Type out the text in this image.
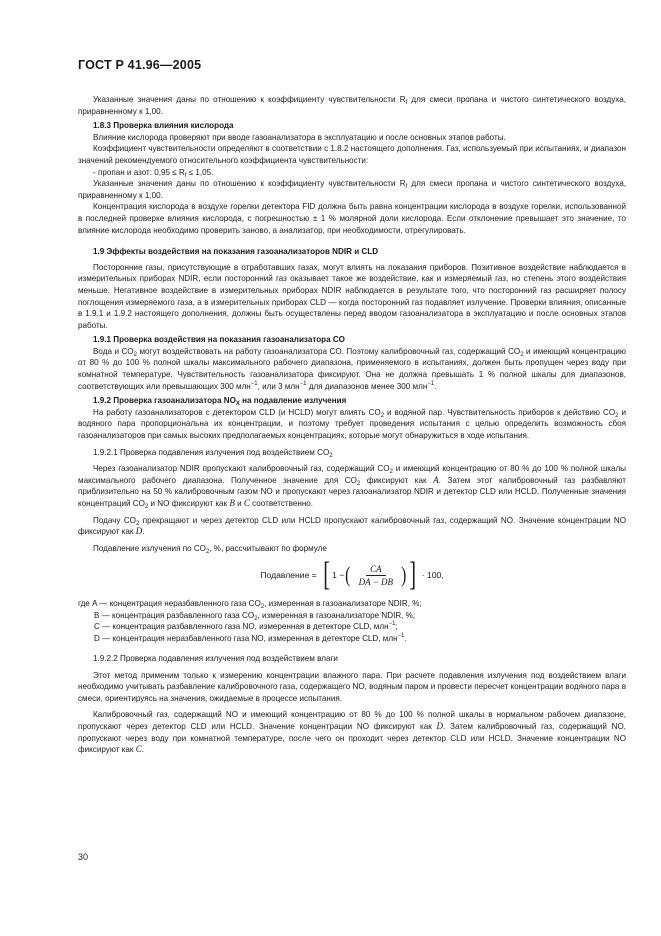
ГОСТ Р 41.96—2005

Указанные значения даны по отношению к коэффициенту чувствительности $R_f$ для смеси пропана и чистого синтетического воздуха, приравненному к 1,00.

1.8.3 Проверка влияния кислорода

Влияние кислорода проверяют при вводе газоанализатора в эксплуатацию и после основных этапов работы.

Коэффициент чувствительности определяют в соответствии с 1.8.2 настоящего дополнения. Газ, используемый при испытаниях, и диапазон значений рекомендуемого относительного коэффициента чувствительности:

- пропан и азот: $0,95 \le R_f \le 1,05$.

Указанные значения даны по отношению к коэффициенту чувствительности $R_f$ для смеси пропана и чистого синтетического воздуха, приравненному к 1,00.

Концентрация кислорода в воздухе горелки детектора FID должна быть равна концентрации кислорода в воздухе горелки, использованной в последней проверке влияния кислорода, с погрешностью ± 1 % молярной доли кислорода. Если отклонение превышает это значение, то влияние кислорода необходимо проверить заново, а анализатор, при необходимости, отрегулировать.

1.9 Эффекты воздействия на показания газоанализаторов NDIR и CLD

Посторонние газы, присутствующие в отработавших газах, могут влиять на показания приборов. Позитивное воздействие наблюдается в измерительных приборах NDIR, если посторонний газ оказывает такое же воздействие, как и измеряемый газ, но степень этого воздействия меньше. Негативное воздействие в измерительных приборах NDIR наблюдается в результате того, что посторонний газ расширяет полосу поглощения измеряемого газа, а в измерительных приборах CLD — когда посторонний газ подавляет излучение. Проверки влияния, описанные в 1.9.1 и 1.9.2 настоящего дополнения, должны быть осуществлены перед вводом газоанализатора в эксплуатацию и после основных этапов работы.

1.9.1 Проверка воздействия на показания газоанализатора CO

Вода и $CO_2$ могут воздействовать на работу газоанализатора CO. Поэтому калибровочный газ, содержащий $CO_2$ и имеющий концентрацию от 80 % до 100 % полной шкалы максимального рабочего диапазона, применяемого в испытаниях, должен быть пропущен через воду при комнатной температуре. Чувствительность газоанализатора фиксируют. Она не должна превышать 1 % полной шкалы для диапазонов, соответствующих или превышающих 300 млн$^{-1}$, или 3 млн$^{-1}$ для диапазонов менее 300 млн$^{-1}$.

1.9.2 Проверка газоанализатора $NO_X$ на подавление излучения

На работу газоанализаторов с детектором CLD (и HCLD) могут влиять $CO_2$ и водяной пар. Чувствительность приборов к действию $CO_2$ и водяного пара пропорциональна их концентрации, и поэтому требует проведения испытания с целью определить возможность сбоя газоанализаторов при самых высоких предполагаемых концентрациях, которые могут обнаружиться в ходе испытания.

1.9.2.1 Проверка подавления излучения под воздействием $CO_2$

Через газоанализатор NDIR пропускают калибровочный газ, содержащий $CO_2$ и имеющий концентрацию от 80 % до 100 % полной шкалы максимального рабочего диапазона. Полученное значение для $CO_2$ фиксируют как A. Затем этот калибровочный газ разбавляют приблизительно на 50 % калибровочным газом NO и пропускают через газоанализатор NDIR и детектор CLD или HCLD. Полученные значения концентраций $CO_2$ и NO фиксируют как B и C соответственно.

Подачу $CO_2$ прекращают и через детектор CLD или HCLD пропускают калибровочный газ, содержащий NO. Значение концентрации NO фиксируют как D.

Подавление излучения по $CO_2$, %, рассчитывают по формуле

Подавление = [ 1 − ( $\frac{CA}{DA - DB}$ ) ] · 100,
где A — концентрация неразбавленного газа $CO_2$, измеренная в газоанализаторе NDIR, %;
B — концентрация разбавленного газа $CO_2$, измеренная в газоанализаторе NDIR, %;
C — концентрация разбавленного газа NO, измеренная в детекторе CLD, млн$^{-1}$;
D — концентрация неразбавленного газа NO, измеренная в детекторе CLD, млн$^{-1}$.

1.9.2.2 Проверка подавления излучения под воздействием влаги

Этот метод применим только к измерению концентрации влажного пара. При расчете подавления излучения под воздействием влаги необходимо учитывать разбавление калибровочного газа, содержащего NO, водяным паром и провести пересчет концентрации водяного пара в смеси, ориентируясь на значения, ожидаемые в процессе испытания.

Калибровочный газ, содержащий NO и имеющий концентрацию от 80 % до 100 % полной шкалы в нормальном рабочем диапазоне, пропускают через детектор CLD или HCLD. Значение концентрации NO фиксируют как D. Затем калибровочный газ, содержащий NO, пропускают через воду при комнатной температуре, после чего он проходит через детектор CLD или HCLD. Значение концентрации NO фиксируют как C.

30
